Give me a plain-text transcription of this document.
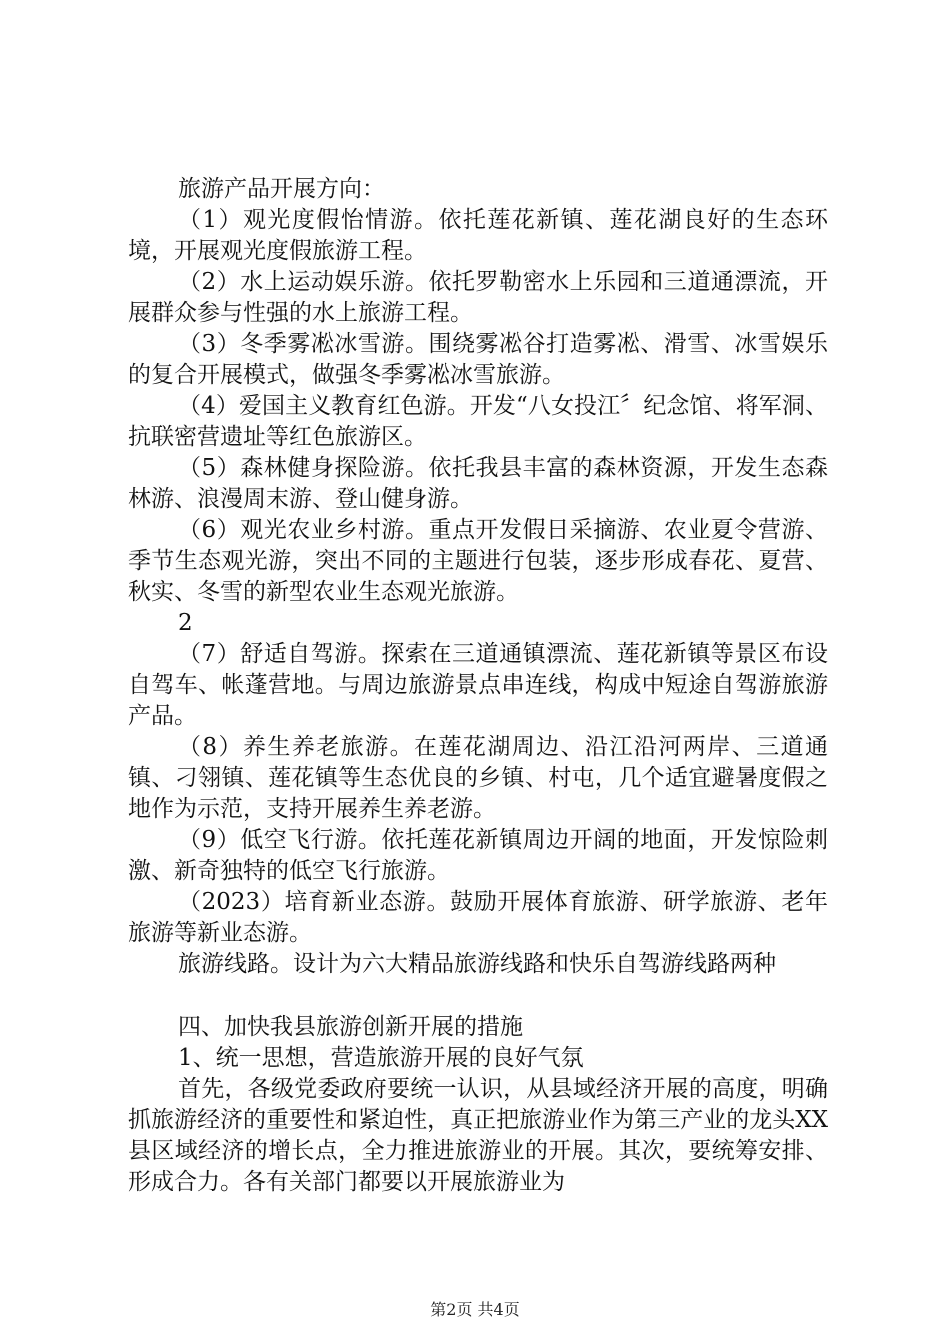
旅游产品开展方向：

（1）观光度假怡情游。依托莲花新镇、莲花湖良好的生态环境，开展观光度假旅游工程。

（2）水上运动娱乐游。依托罗勒密水上乐园和三道通漂流，开展群众参与性强的水上旅游工程。

（3）冬季雾凇冰雪游。围绕雾凇谷打造雾凇、滑雪、冰雪娱乐的复合开展模式，做强冬季雾凇冰雪旅游。

（4）爱国主义教育红色游。开发“八女投江〞纪念馆、将军洞、抗联密营遗址等红色旅游区。

（5）森林健身探险游。依托我县丰富的森林资源，开发生态森林游、浪漫周末游、登山健身游。

（6）观光农业乡村游。重点开发假日采摘游、农业夏令营游、季节生态观光游，突出不同的主题进行包装，逐步形成春花、夏营、秋实、冬雪的新型农业生态观光旅游。

2

（7）舒适自驾游。探索在三道通镇漂流、莲花新镇等景区布设自驾车、帐蓬营地。与周边旅游景点串连线，构成中短途自驾游旅游产品。

（8）养生养老旅游。在莲花湖周边、沿江沿河两岸、三道通镇、刁翎镇、莲花镇等生态优良的乡镇、村屯，几个适宜避暑度假之地作为示范，支持开展养生养老游。

（9）低空飞行游。依托莲花新镇周边开阔的地面，开发惊险刺激、新奇独特的低空飞行旅游。

（2023）培育新业态游。鼓励开展体育旅游、研学旅游、老年旅游等新业态游。

旅游线路。设计为六大精品旅游线路和快乐自驾游线路两种

四、加快我县旅游创新开展的措施

1、统一思想，营造旅游开展的良好气氛

首先，各级党委政府要统一认识，从县域经济开展的高度，明确抓旅游经济的重要性和紧迫性，真正把旅游业作为第三产业的龙头XX县区域经济的增长点，全力推进旅游业的开展。其次，要统筹安排、形成合力。各有关部门都要以开展旅游业为

第2页 共4页
